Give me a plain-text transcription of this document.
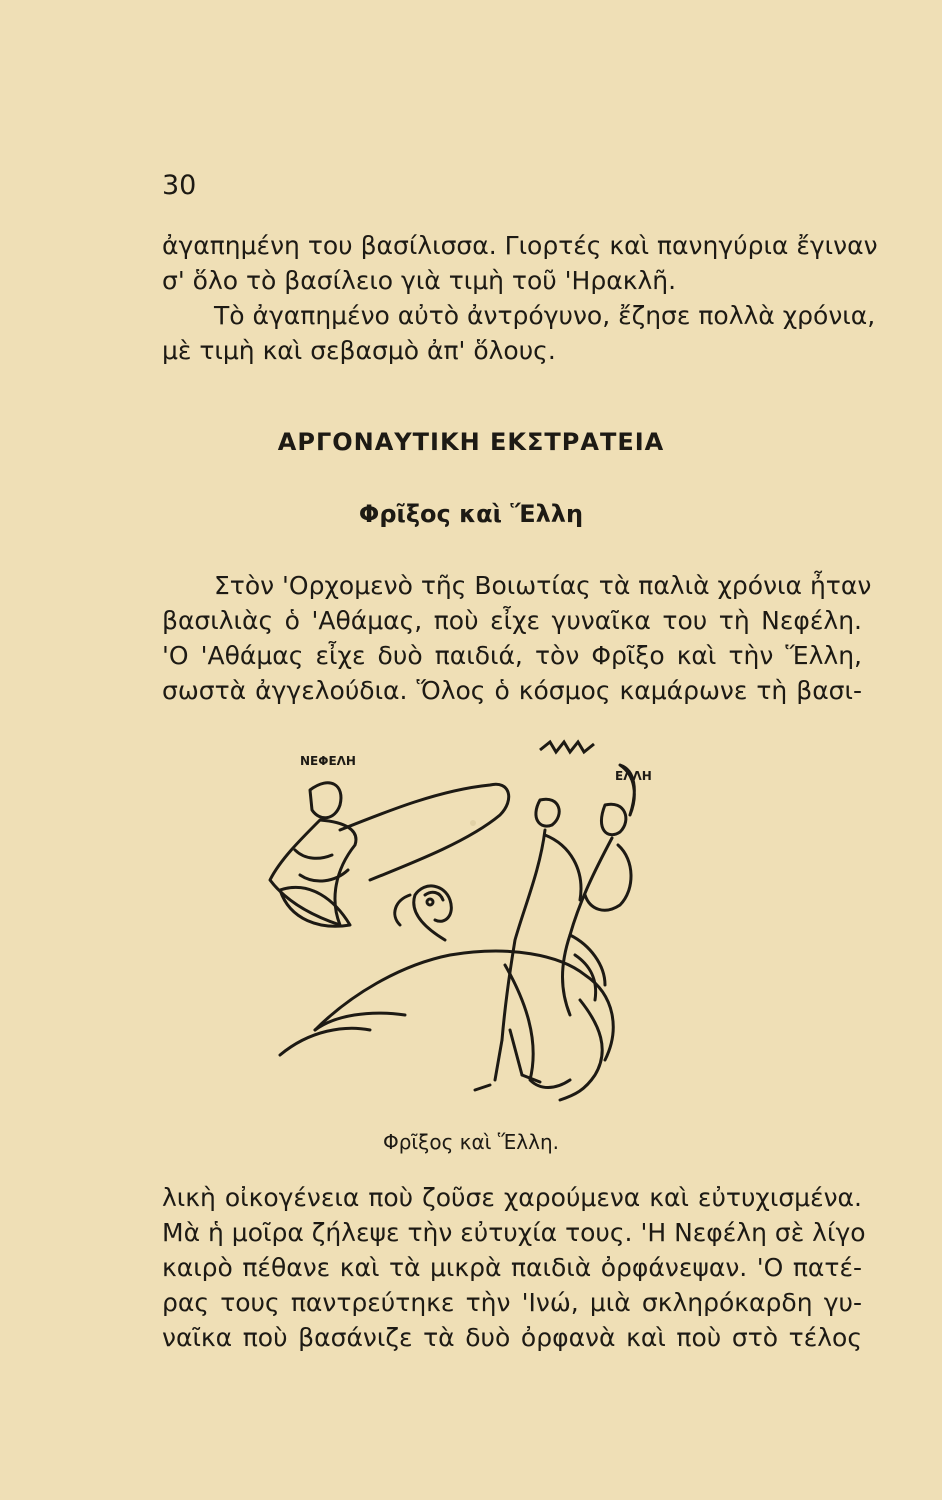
30
ἀγαπημένη του βασίλισσα. Γιορτές καὶ πανηγύρια ἔγιναν
σ' ὅλο τὸ βασίλειο γιὰ τιμὴ τοῦ 'Ηρακλῆ.
Τὸ ἀγαπημένο αὐτὸ ἀντρόγυνο, ἔζησε πολλὰ χρόνια,
μὲ τιμὴ καὶ σεβασμὸ ἀπ' ὅλους.
ΑΡΓΟΝΑΥΤΙΚΗ ΕΚΣΤΡΑΤΕΙΑ
Φρῖξος καὶ Ἕλλη
Στὸν 'Ορχομενὸ τῆς Βοιωτίας τὰ παλιὰ χρόνια ἦταν
βασιλιὰς ὁ 'Αθάμας, ποὺ εἶχε γυναῖκα του τὴ Νεφέλη.
'Ο 'Αθάμας εἶχε δυὸ παιδιά, τὸν Φρῖξο καὶ τὴν Ἕλλη,
σωστὰ ἀγγελούδια. Ὅλος ὁ κόσμος καμάρωνε τὴ βασι-
ΝΕΦΕΛΗ
ΕΛΛΗ
Φρῖξος καὶ Ἕλλη.
λικὴ οἰκογένεια ποὺ ζοῦσε χαρούμενα καὶ εὐτυχισμένα.
Μὰ ἡ μοῖρα ζήλεψε τὴν εὐτυχία τους. 'Η Νεφέλη σὲ λίγο
καιρὸ πέθανε καὶ τὰ μικρὰ παιδιὰ ὀρφάνεψαν. 'Ο πατέ-
ρας τους παντρεύτηκε τὴν 'Ινώ, μιὰ σκληρόκαρδη γυ-
ναῖκα ποὺ βασάνιζε τὰ δυὸ ὀρφανὰ καὶ ποὺ στὸ τέλος
